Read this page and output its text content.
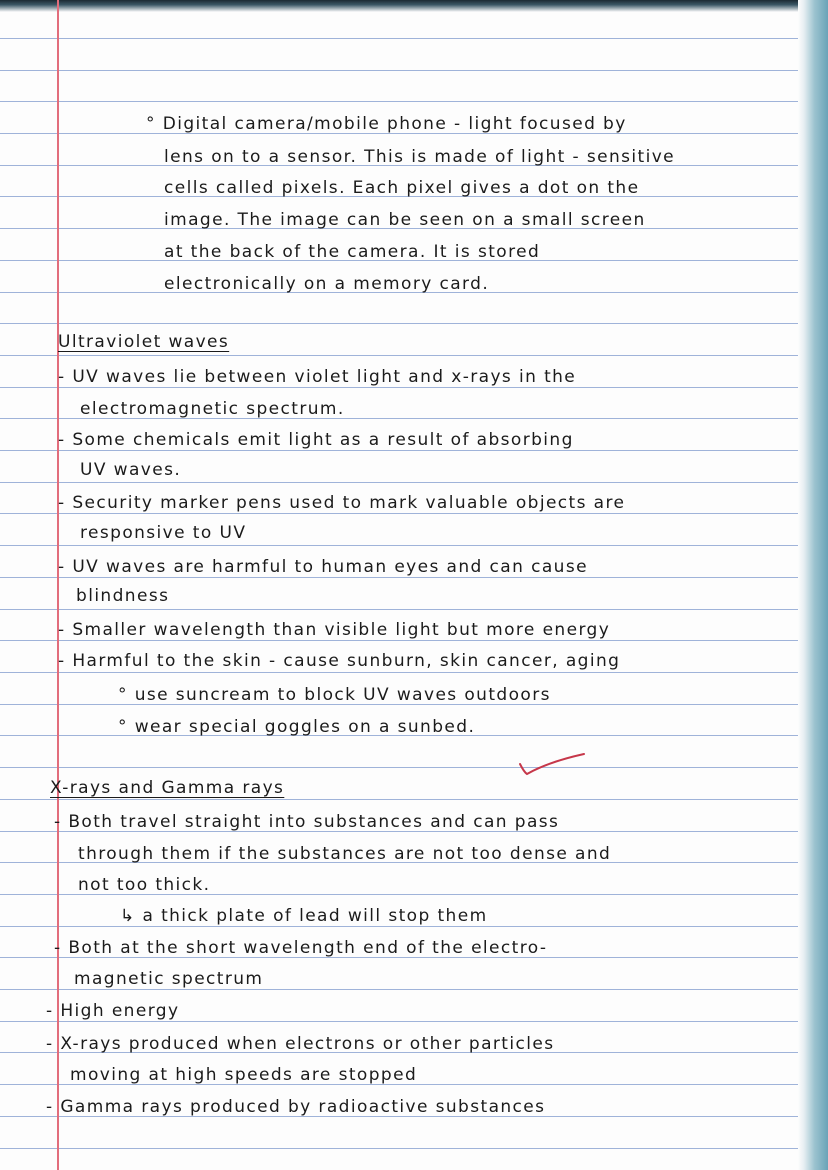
° Digital camera/mobile phone - light focused by
lens on to a sensor. This is made of light - sensitive
cells called pixels. Each pixel gives a dot on the
image. The image can be seen on a small screen
at the back of the camera. It is stored
electronically on a memory card.
Ultraviolet waves
- UV waves lie between violet light and x-rays in the
electromagnetic spectrum.
- Some chemicals emit light as a result of absorbing
UV waves.
- Security marker pens used to mark valuable objects are
responsive to UV
- UV waves are harmful to human eyes and can cause
blindness
- Smaller wavelength than visible light but more energy
- Harmful to the skin - cause sunburn, skin cancer, aging
° use suncream to block UV waves outdoors
° wear special goggles on a sunbed.
X-rays and Gamma rays
- Both travel straight into substances and can pass
through them if the substances are not too dense and
not too thick.
↳ a thick plate of lead will stop them
- Both at the short wavelength end of the electro-
magnetic spectrum
- High energy
- X-rays produced when electrons or other particles
moving at high speeds are stopped
- Gamma rays produced by radioactive substances
